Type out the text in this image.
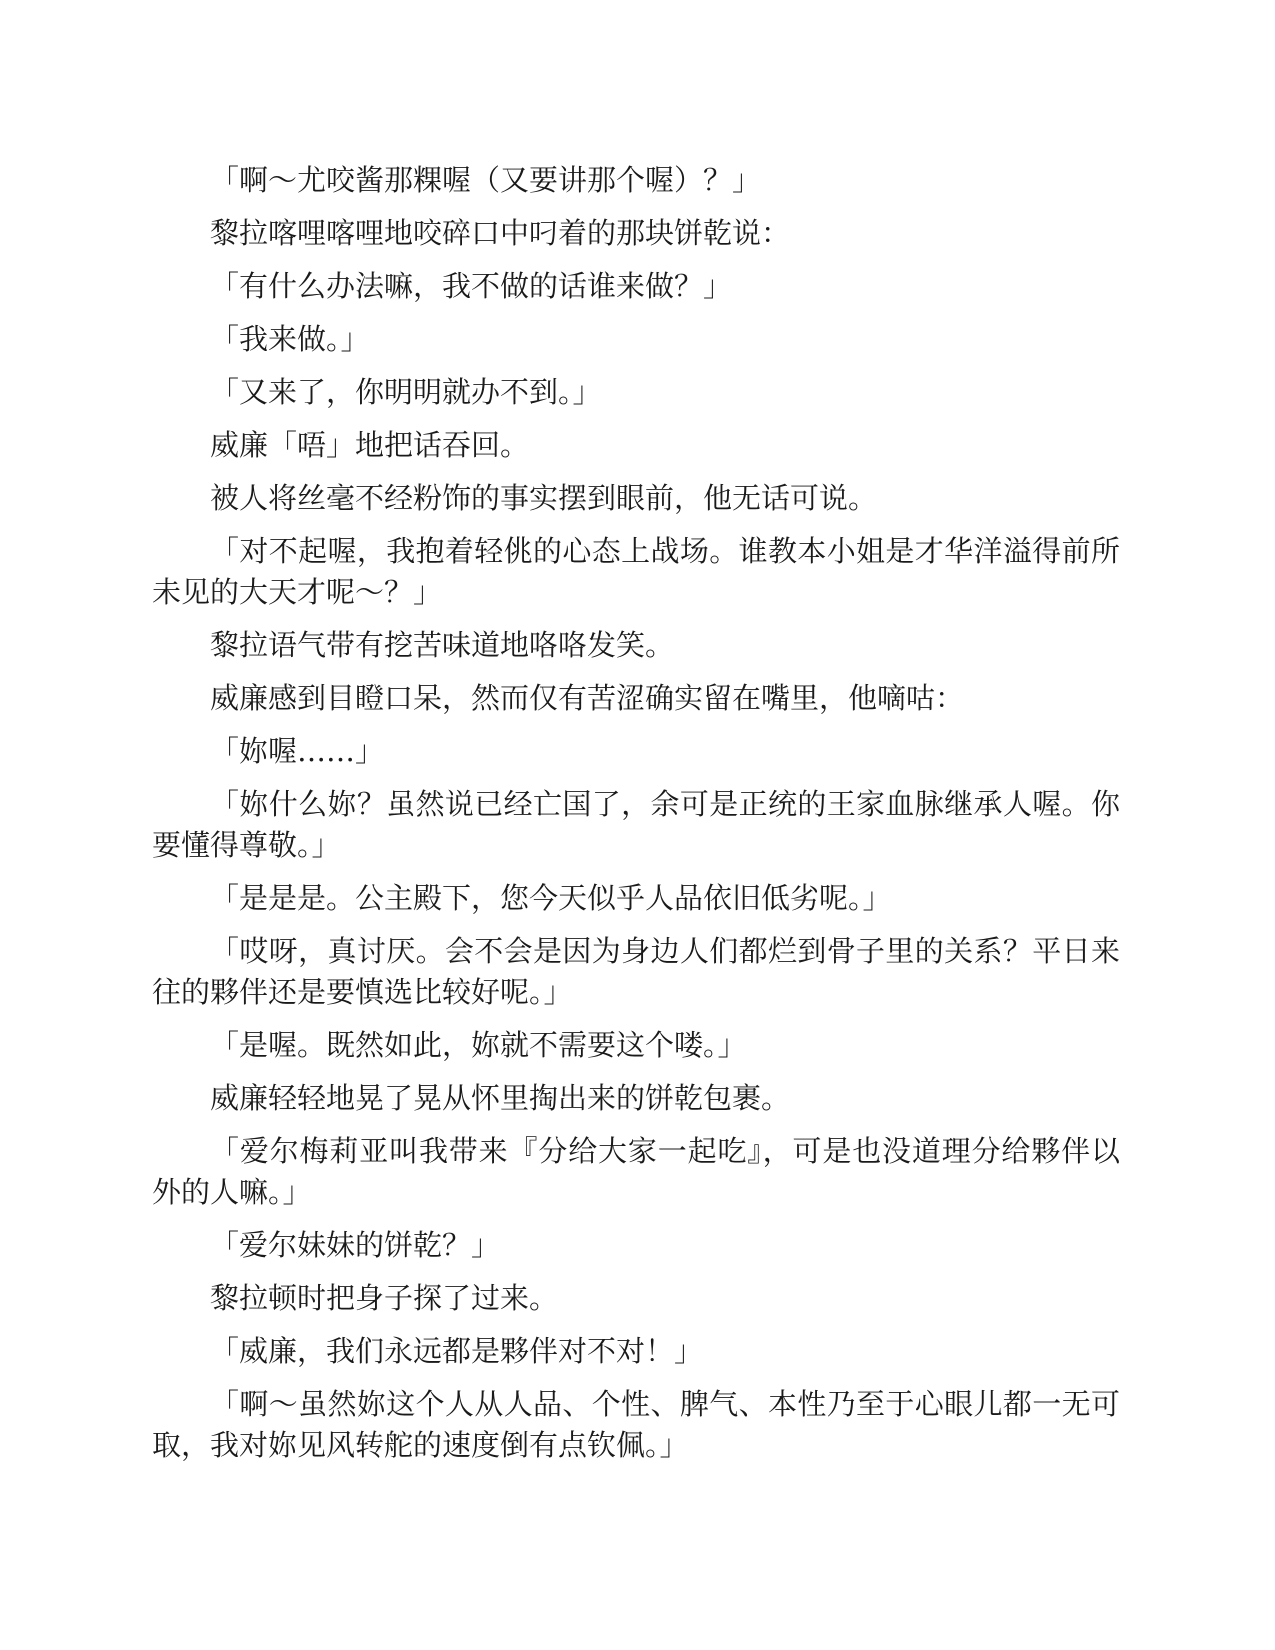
「啊～尤咬酱那粿喔（又要讲那个喔）？」

黎拉喀哩喀哩地咬碎口中叼着的那块饼乾说：

「有什么办法嘛，我不做的话谁来做？」

「我来做。」

「又来了，你明明就办不到。」

威廉「唔」地把话吞回。

被人将丝毫不经粉饰的事实摆到眼前，他无话可说。

「对不起喔，我抱着轻佻的心态上战场。谁教本小姐是才华洋溢得前所未见的大天才呢～？」

黎拉语气带有挖苦味道地咯咯发笑。

威廉感到目瞪口呆，然而仅有苦涩确实留在嘴里，他嘀咕：

「妳喔……」

「妳什么妳？虽然说已经亡国了，余可是正统的王家血脉继承人喔。你要懂得尊敬。」

「是是是。公主殿下，您今天似乎人品依旧低劣呢。」

「哎呀，真讨厌。会不会是因为身边人们都烂到骨子里的关系？平日来往的夥伴还是要慎选比较好呢。」

「是喔。既然如此，妳就不需要这个喽。」

威廉轻轻地晃了晃从怀里掏出来的饼乾包裹。

「爱尔梅莉亚叫我带来『分给大家一起吃』，可是也没道理分给夥伴以外的人嘛。」

「爱尔妹妹的饼乾？」

黎拉顿时把身子探了过来。

「威廉，我们永远都是夥伴对不对！」

「啊～虽然妳这个人从人品、个性、脾气、本性乃至于心眼儿都一无可取，我对妳见风转舵的速度倒有点钦佩。」
